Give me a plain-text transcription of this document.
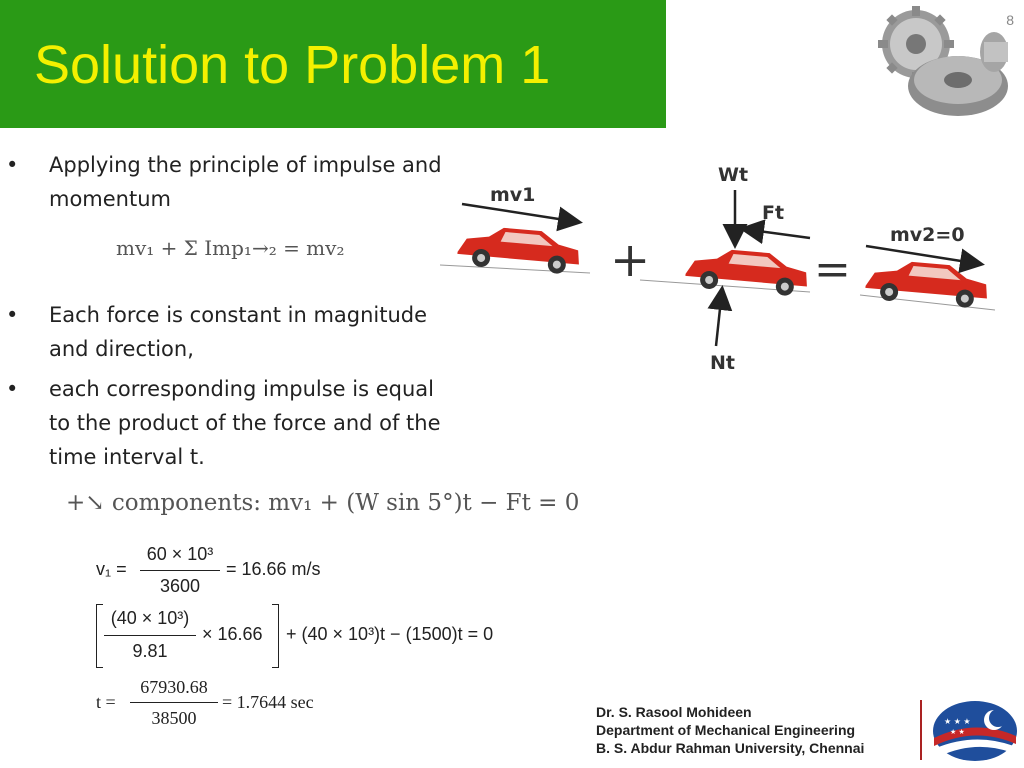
Solution to Problem 1
8
• Applying the principle of impulse and momentum
• Each force is constant in magnitude and direction,
• each corresponding impulse is equal to the product of the force and of the time interval t.
mv₁ + Σ Imp₁→₂ = mv₂
+↘ components: mv₁ + (W sin 5°)t − Ft = 0
+	=
mv1
Ft
Wt
Nt
mv2=0
v₁ =
60 × 10³
3600
= 16.66 m/s
(40 × 10³)
9.81
× 16.66 + (40 × 10³)t − (1500)t = 0
t =
67930.68
38500
= 1.7644 sec	Dr. S. Rasool Mohideen
Department of Mechanical Engineering
B. S. Abdur Rahman University, Chennai
★ ★ ★
★ ★
